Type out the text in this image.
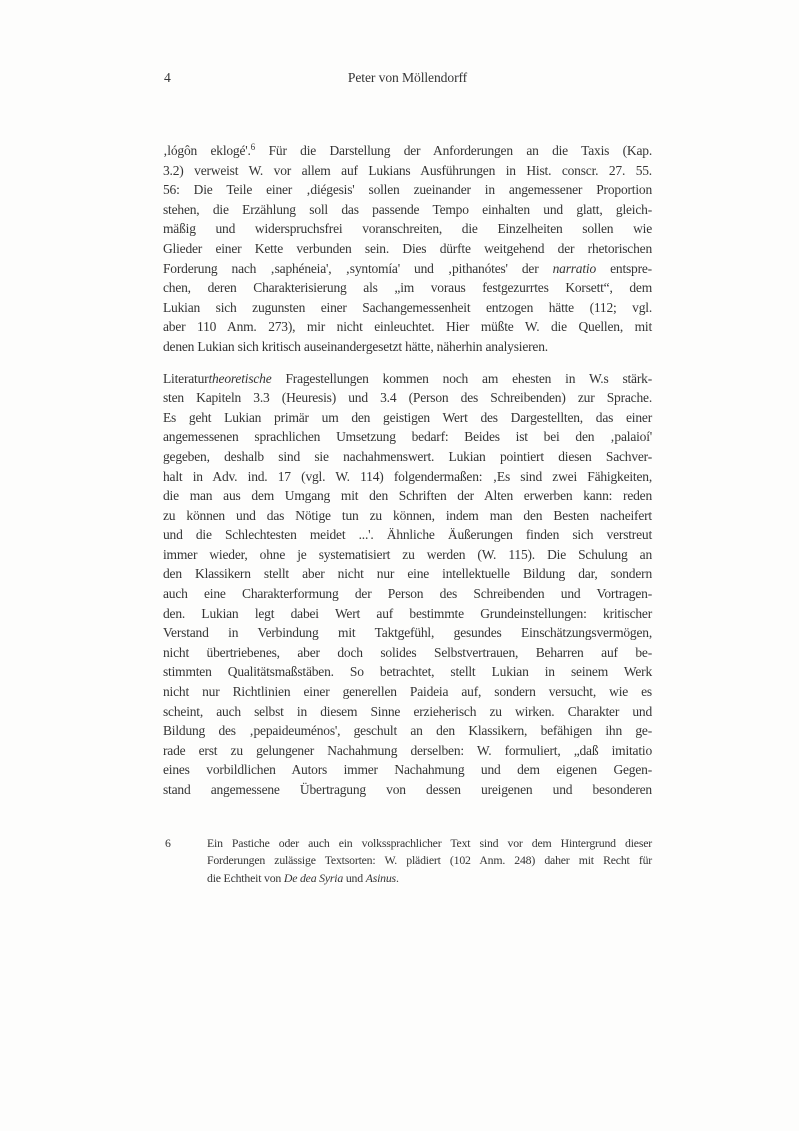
4	Peter von Möllendorff
‚lógôn eklogé'.$^6$ Für die Darstellung der Anforderungen an die Taxis (Kap.
3.2) verweist W. vor allem auf Lukians Ausführungen in Hist. conscr. 27. 55.
56: Die Teile einer ‚diégesis' sollen zueinander in angemessener Proportion
stehen, die Erzählung soll das passende Tempo einhalten und glatt, gleich-
mäßig und widerspruchsfrei voranschreiten, die Einzelheiten sollen wie
Glieder einer Kette verbunden sein. Dies dürfte weitgehend der rhetorischen
Forderung nach ‚saphéneia', ‚syntomía' und ‚pithanótes' der narratio entspre-
chen, deren Charakterisierung als „im voraus festgezurrtes Korsett“, dem
Lukian sich zugunsten einer Sachangemessenheit entzogen hätte (112; vgl.
aber 110 Anm. 273), mir nicht einleuchtet. Hier müßte W. die Quellen, mit
denen Lukian sich kritisch auseinandergesetzt hätte, näherhin analysieren.
Literaturtheoretische Fragestellungen kommen noch am ehesten in W.s stärk-
sten Kapiteln 3.3 (Heuresis) und 3.4 (Person des Schreibenden) zur Sprache.
Es geht Lukian primär um den geistigen Wert des Dargestellten, das einer
angemessenen sprachlichen Umsetzung bedarf: Beides ist bei den ‚palaioí'
gegeben, deshalb sind sie nachahmenswert. Lukian pointiert diesen Sachver-
halt in Adv. ind. 17 (vgl. W. 114) folgendermaßen: ‚Es sind zwei Fähigkeiten,
die man aus dem Umgang mit den Schriften der Alten erwerben kann: reden
zu können und das Nötige tun zu können, indem man den Besten nacheifert
und die Schlechtesten meidet ...'. Ähnliche Äußerungen finden sich verstreut
immer wieder, ohne je systematisiert zu werden (W. 115). Die Schulung an
den Klassikern stellt aber nicht nur eine intellektuelle Bildung dar, sondern
auch eine Charakterformung der Person des Schreibenden und Vortragen-
den. Lukian legt dabei Wert auf bestimmte Grundeinstellungen: kritischer
Verstand in Verbindung mit Taktgefühl, gesundes Einschätzungsvermögen,
nicht übertriebenes, aber doch solides Selbstvertrauen, Beharren auf be-
stimmten Qualitätsmaßstäben. So betrachtet, stellt Lukian in seinem Werk
nicht nur Richtlinien einer generellen Paideia auf, sondern versucht, wie es
scheint, auch selbst in diesem Sinne erzieherisch zu wirken. Charakter und
Bildung des ‚pepaideuménos', geschult an den Klassikern, befähigen ihn ge-
rade erst zu gelungener Nachahmung derselben: W. formuliert, „daß imitatio
eines vorbildlichen Autors immer Nachahmung und dem eigenen Gegen-
stand angemessene Übertragung von dessen ureigenen und besonderen
6	Ein Pastiche oder auch ein volkssprachlicher Text sind vor dem Hintergrund dieser
Forderungen zulässige Textsorten: W. plädiert (102 Anm. 248) daher mit Recht für
die Echtheit von De dea Syria und Asinus.
